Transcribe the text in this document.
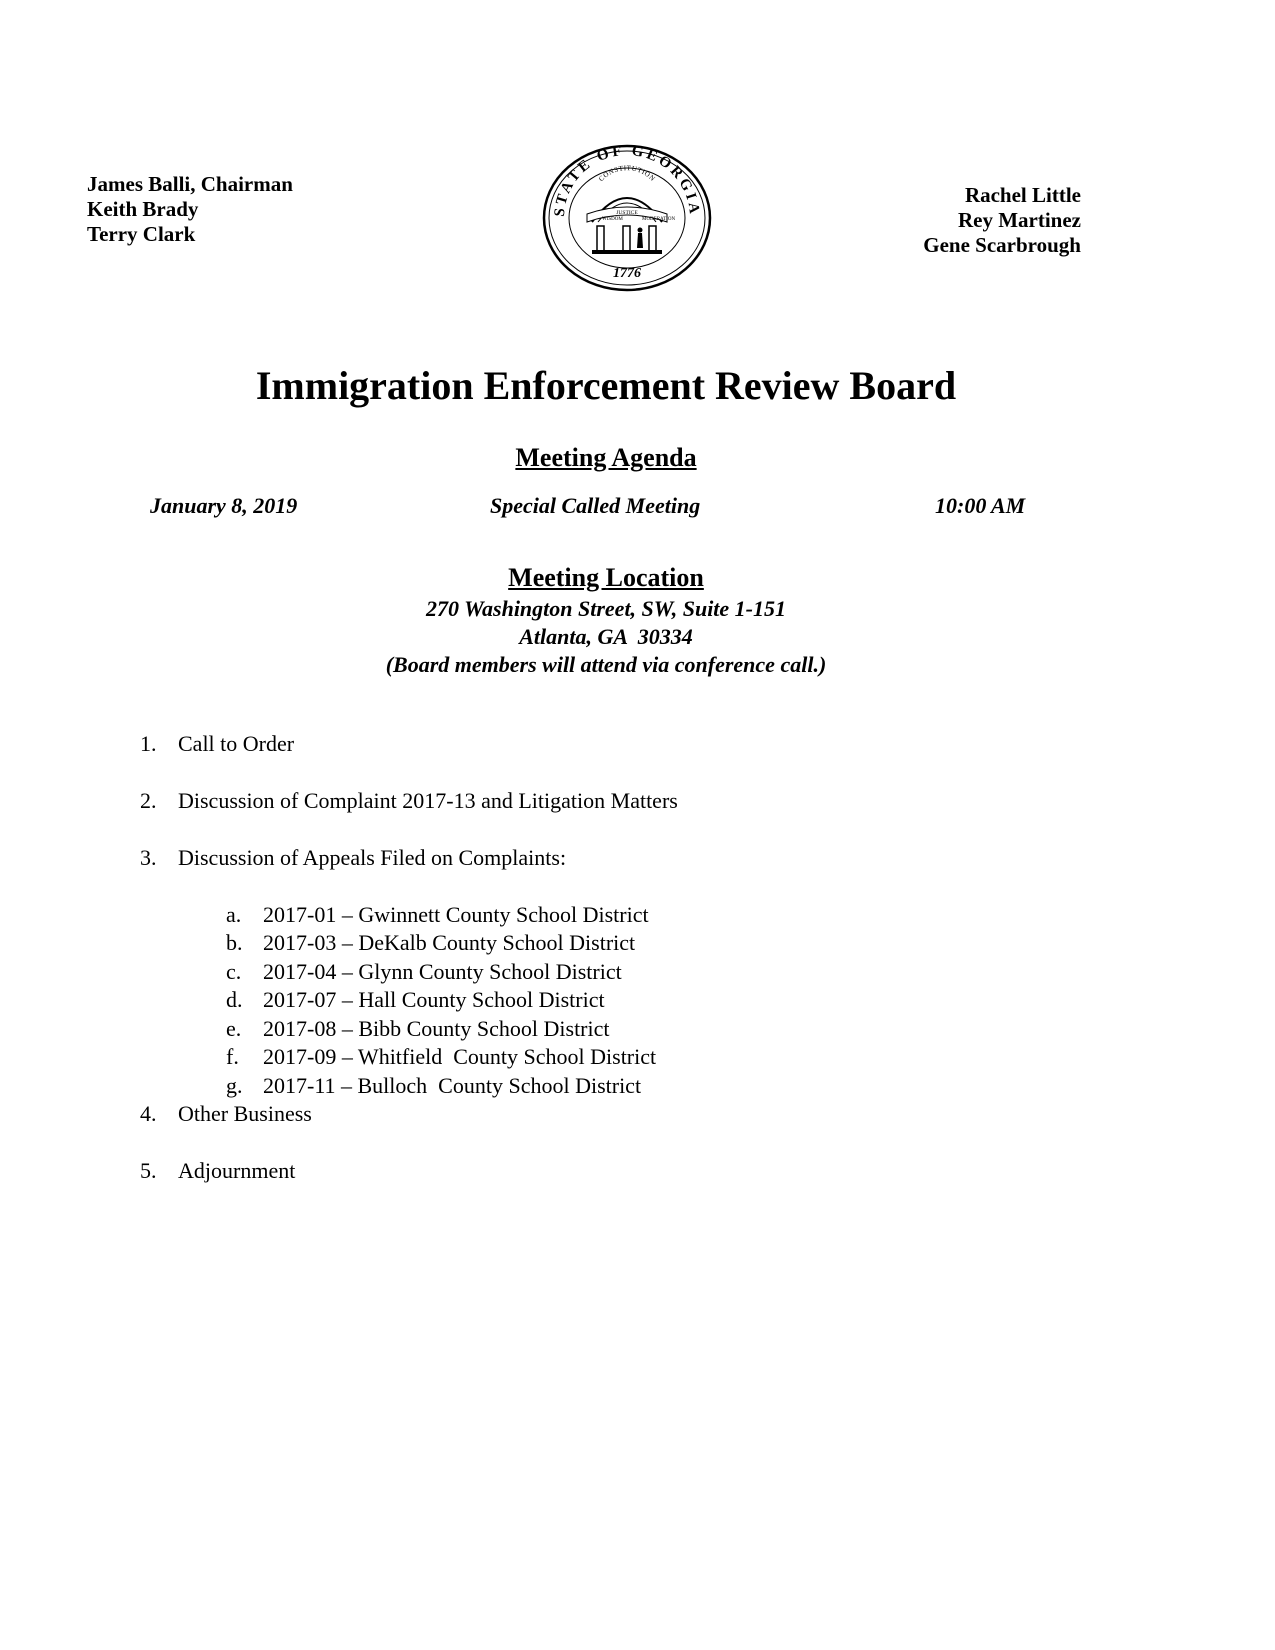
James Balli, Chairman
Keith Brady
Terry Clark
STATE OF GEORGIA
CONSTITUTION
WISDOM
JUSTICE
MODERATION
1776
Rachel Little
Rey Martinez
Gene Scarbrough
Immigration Enforcement Review Board
Meeting Agenda
January 8, 2019	Special Called Meeting	10:00 AM
Meeting Location
270 Washington Street, SW, Suite 1-151
Atlanta, GA  30334
(Board members will attend via conference call.)
1. Call to Order
2. Discussion of Complaint 2017-13 and Litigation Matters
3. Discussion of Appeals Filed on Complaints:

a. 2017-01 – Gwinnett County School District

b. 2017-03 – DeKalb County School District

c. 2017-04 – Glynn County School District

d. 2017-07 – Hall County School District

e. 2017-08 – Bibb County School District

f. 2017-09 – Whitfield  County School District

g. 2017-11 – Bulloch  County School District

4. Other Business
5. Adjournment
